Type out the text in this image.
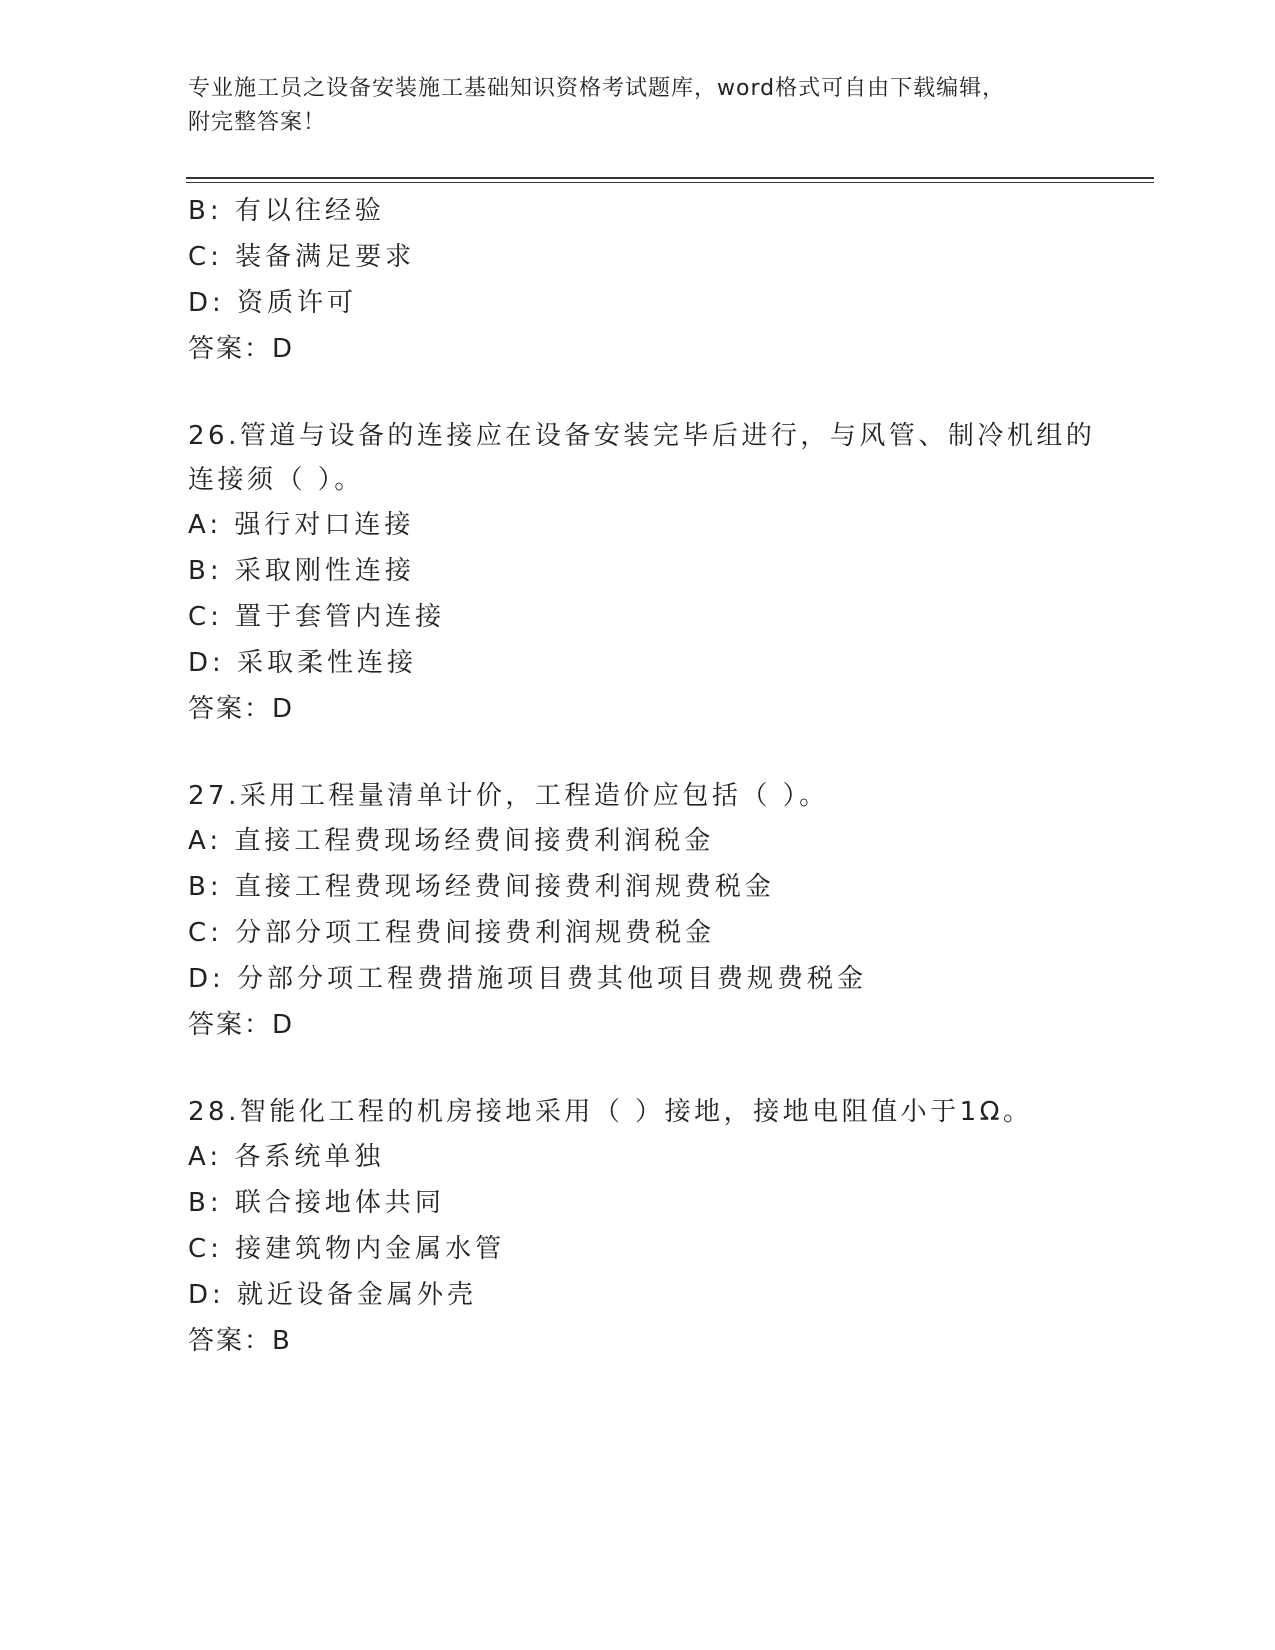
专业施工员之设备安装施工基础知识资格考试题库，word格式可自由下载编辑，
附完整答案！
B: 有以往经验
C: 装备满足要求
D: 资质许可
答案：D
26.管道与设备的连接应在设备安装完毕后进行，与风管、制冷机组的
连接须（ ）。
A: 强行对口连接
B: 采取刚性连接
C: 置于套管内连接
D: 采取柔性连接
答案：D
27.采用工程量清单计价，工程造价应包括（ ）。
A: 直接工程费现场经费间接费利润税金
B: 直接工程费现场经费间接费利润规费税金
C: 分部分项工程费间接费利润规费税金
D: 分部分项工程费措施项目费其他项目费规费税金
答案：D
28.智能化工程的机房接地采用（ ）接地，接地电阻值小于1Ω。
A: 各系统单独
B: 联合接地体共同
C: 接建筑物内金属水管
D: 就近设备金属外壳
答案：B
